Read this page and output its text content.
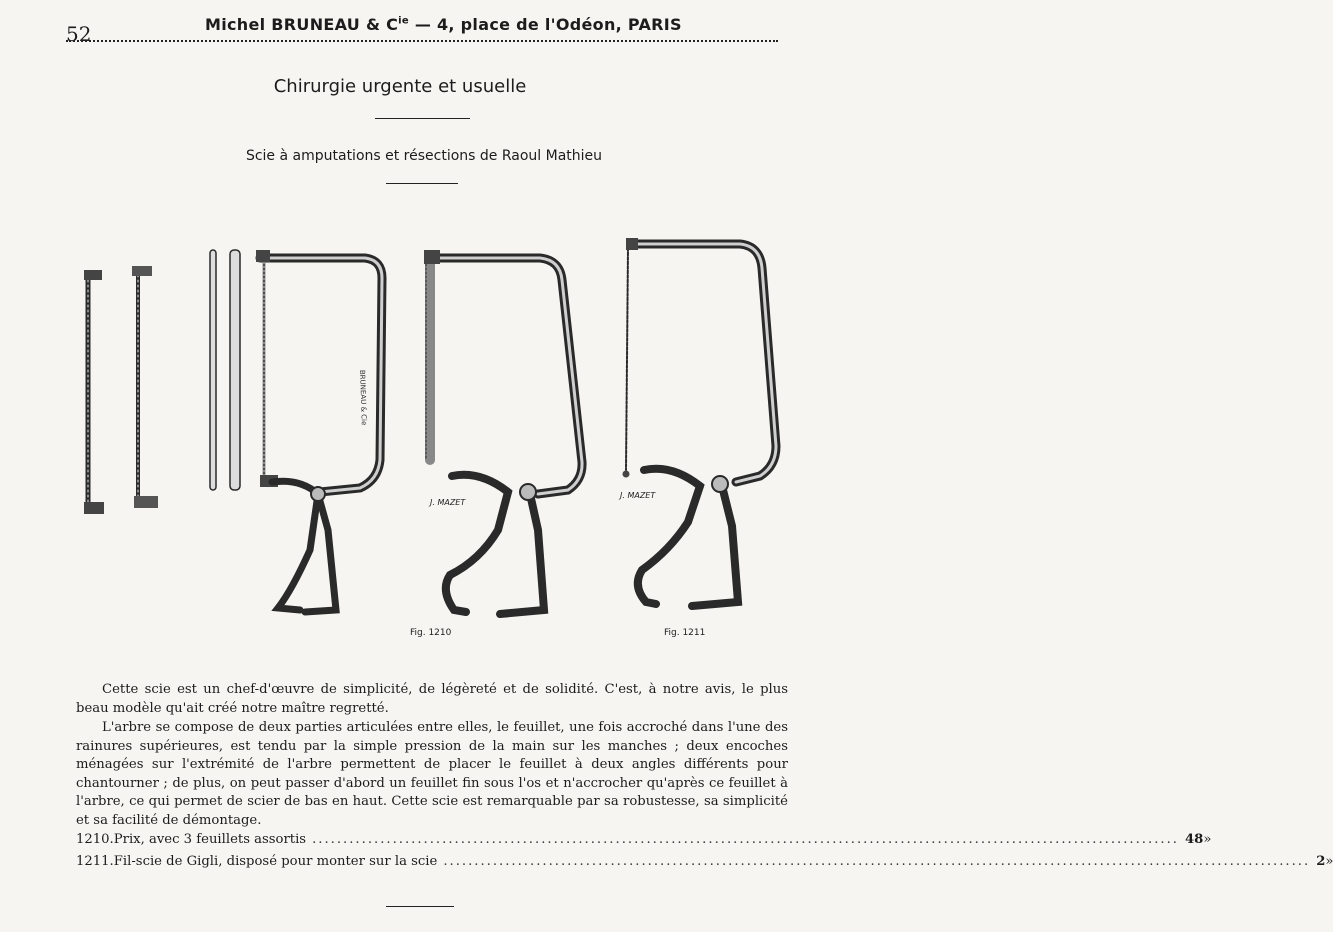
52	Michel BRUNEAU & $C^{ie}$ — 4, place de l'Odéon, PARIS
Chirurgie urgente et usuelle
Scie à amputations et résections de Raoul Mathieu
J. MAZET
J. MAZET
BRUNEAU & Cie
Fig. 1210	Fig. 1211
Cette scie est un chef-d'œuvre de simplicité, de légèreté et de solidité. C'est, à notre avis, le plus beau modèle qu'ait créé notre maître regretté.
L'arbre se compose de deux parties articulées entre elles, le feuillet, une fois accroché dans l'une des rainures supérieures, est tendu par la simple pression de la main sur les manches ; deux encoches ménagées sur l'extrémité de l'arbre permettent de placer le feuillet à deux angles différents pour chantourner ; de plus, on peut passer d'abord un feuillet fin sous l'os et n'accrocher qu'après ce feuillet à l'arbre, ce qui permet de scier de bas en haut. Cette scie est remarquable par sa robustesse, sa simplicité et sa facilité de démontage.
1210. Prix, avec 3 feuillets assortis ............................................................................................................................................ 48 »
1211. Fil-scie de Gigli, disposé pour monter sur la scie ............................................................................................................................................ 2 »
